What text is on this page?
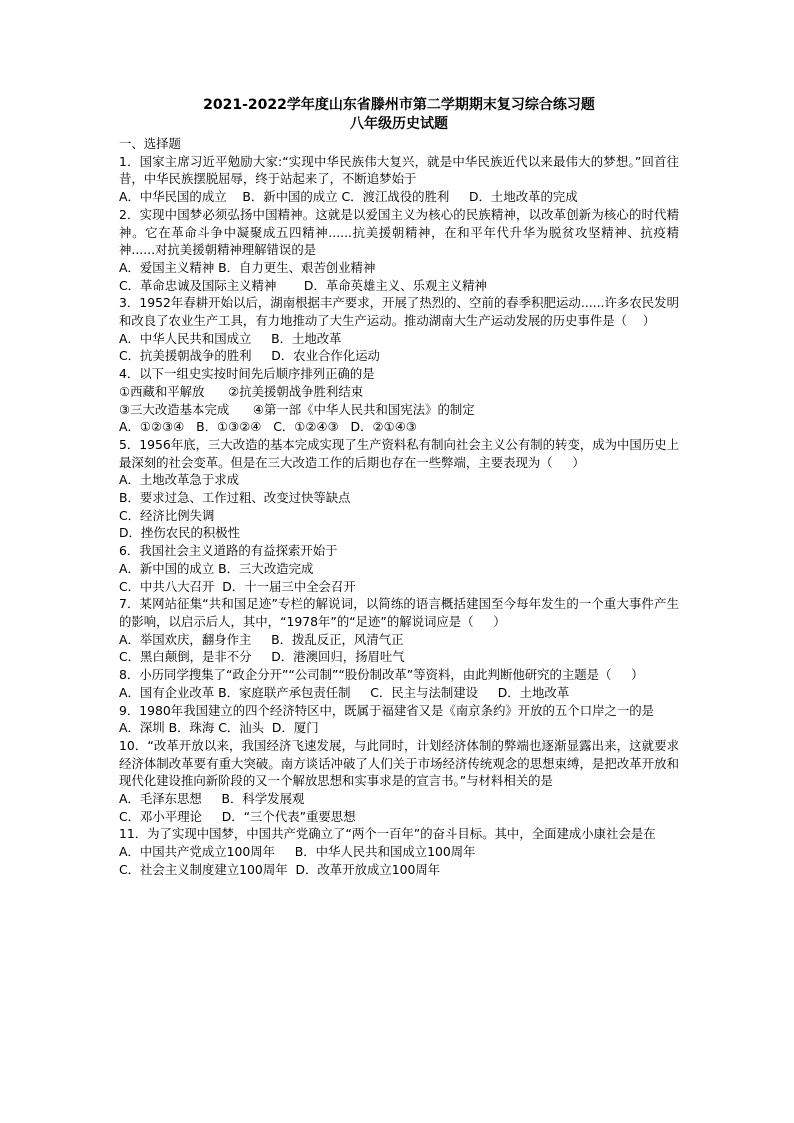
2021-2022学年度山东省滕州市第二学期期末复习综合练习题

八年级历史试题

一、选择题

1．国家主席习近平勉励大家:“实现中华民族伟大复兴，就是中华民族近代以来最伟大的梦想。”回首往昔，中华民族摆脱屈辱，终于站起来了，不断追梦始于

A．中华民国的成立    B．新中国的成立 C．渡江战役的胜利     D．土地改革的完成

2．实现中国梦必须弘扬中国精神。这就是以爱国主义为核心的民族精神，以改革创新为核心的时代精神。它在革命斗争中凝聚成五四精神......抗美援朝精神，在和平年代升华为脱贫攻坚精神、抗疫精神......对抗美援朝精神理解错误的是

A．爱国主义精神 B．自力更生、艰苦创业精神

C．革命忠诚及国际主义精神       D．革命英雄主义、乐观主义精神

3．1952年春耕开始以后，湖南根据丰产要求，开展了热烈的、空前的春季积肥运动......许多农民发明和改良了农业生产工具，有力地推动了大生产运动。推动湖南大生产运动发展的历史事件是（    ）

A．中华人民共和国成立     B．土地改革

C．抗美援朝战争的胜利     D．农业合作化运动

4．以下一组史实按时间先后顺序排列正确的是

①西藏和平解放      ②抗美援朝战争胜利结束

③三大改造基本完成      ④第一部《中华人民共和国宪法》的制定

A．①②③④   B．①③②④   C．①②④③   D．②①④③

5．1956年底，三大改造的基本完成实现了生产资料私有制向社会主义公有制的转变，成为中国历史上最深刻的社会变革。但是在三大改造工作的后期也存在一些弊端，主要表现为（     ）

A．土地改革急于求成

B．要求过急、工作过粗、改变过快等缺点

C．经济比例失调

D．挫伤农民的积极性

6．我国社会主义道路的有益探索开始于

A．新中国的成立 B．三大改造完成

C．中共八大召开  D．十一届三中全会召开

7．某网站征集“共和国足迹”专栏的解说词，以简练的语言概括建国至今每年发生的一个重大事件产生的影响，以启示后人，其中，“1978年”的“足迹”的解说词应是（     ）

A．举国欢庆，翻身作主     B．拨乱反正，风清气正

C．黑白颠倒，是非不分     D．港澳回归，扬眉吐气

8．小历同学搜集了“政企分开”“公司制”“股份制改革”等资料，由此判断他研究的主题是（     ）

A．国有企业改革 B．家庭联产承包责任制     C．民主与法制建设     D．土地改革

9．1980年我国建立的四个经济特区中，既属于福建省又是《南京条约》开放的五个口岸之一的是

A．深圳 B．珠海 C．汕头  D．厦门

10．“改革开放以来，我国经济飞速发展，与此同时，计划经济体制的弊端也逐渐显露出来，这就要求经济体制改革要有重大突破。南方谈话冲破了人们关于市场经济传统观念的思想束缚，是把改革开放和现代化建设推向新阶段的又一个解放思想和实事求是的宣言书。”与材料相关的是

A．毛泽东思想     B．科学发展观

C．邓小平理论     D．“三个代表”重要思想

11．为了实现中国梦，中国共产党确立了“两个一百年”的奋斗目标。其中，全面建成小康社会是在

A．中国共产党成立100周年     B．中华人民共和国成立100周年

C．社会主义制度建立100周年  D．改革开放成立100周年
